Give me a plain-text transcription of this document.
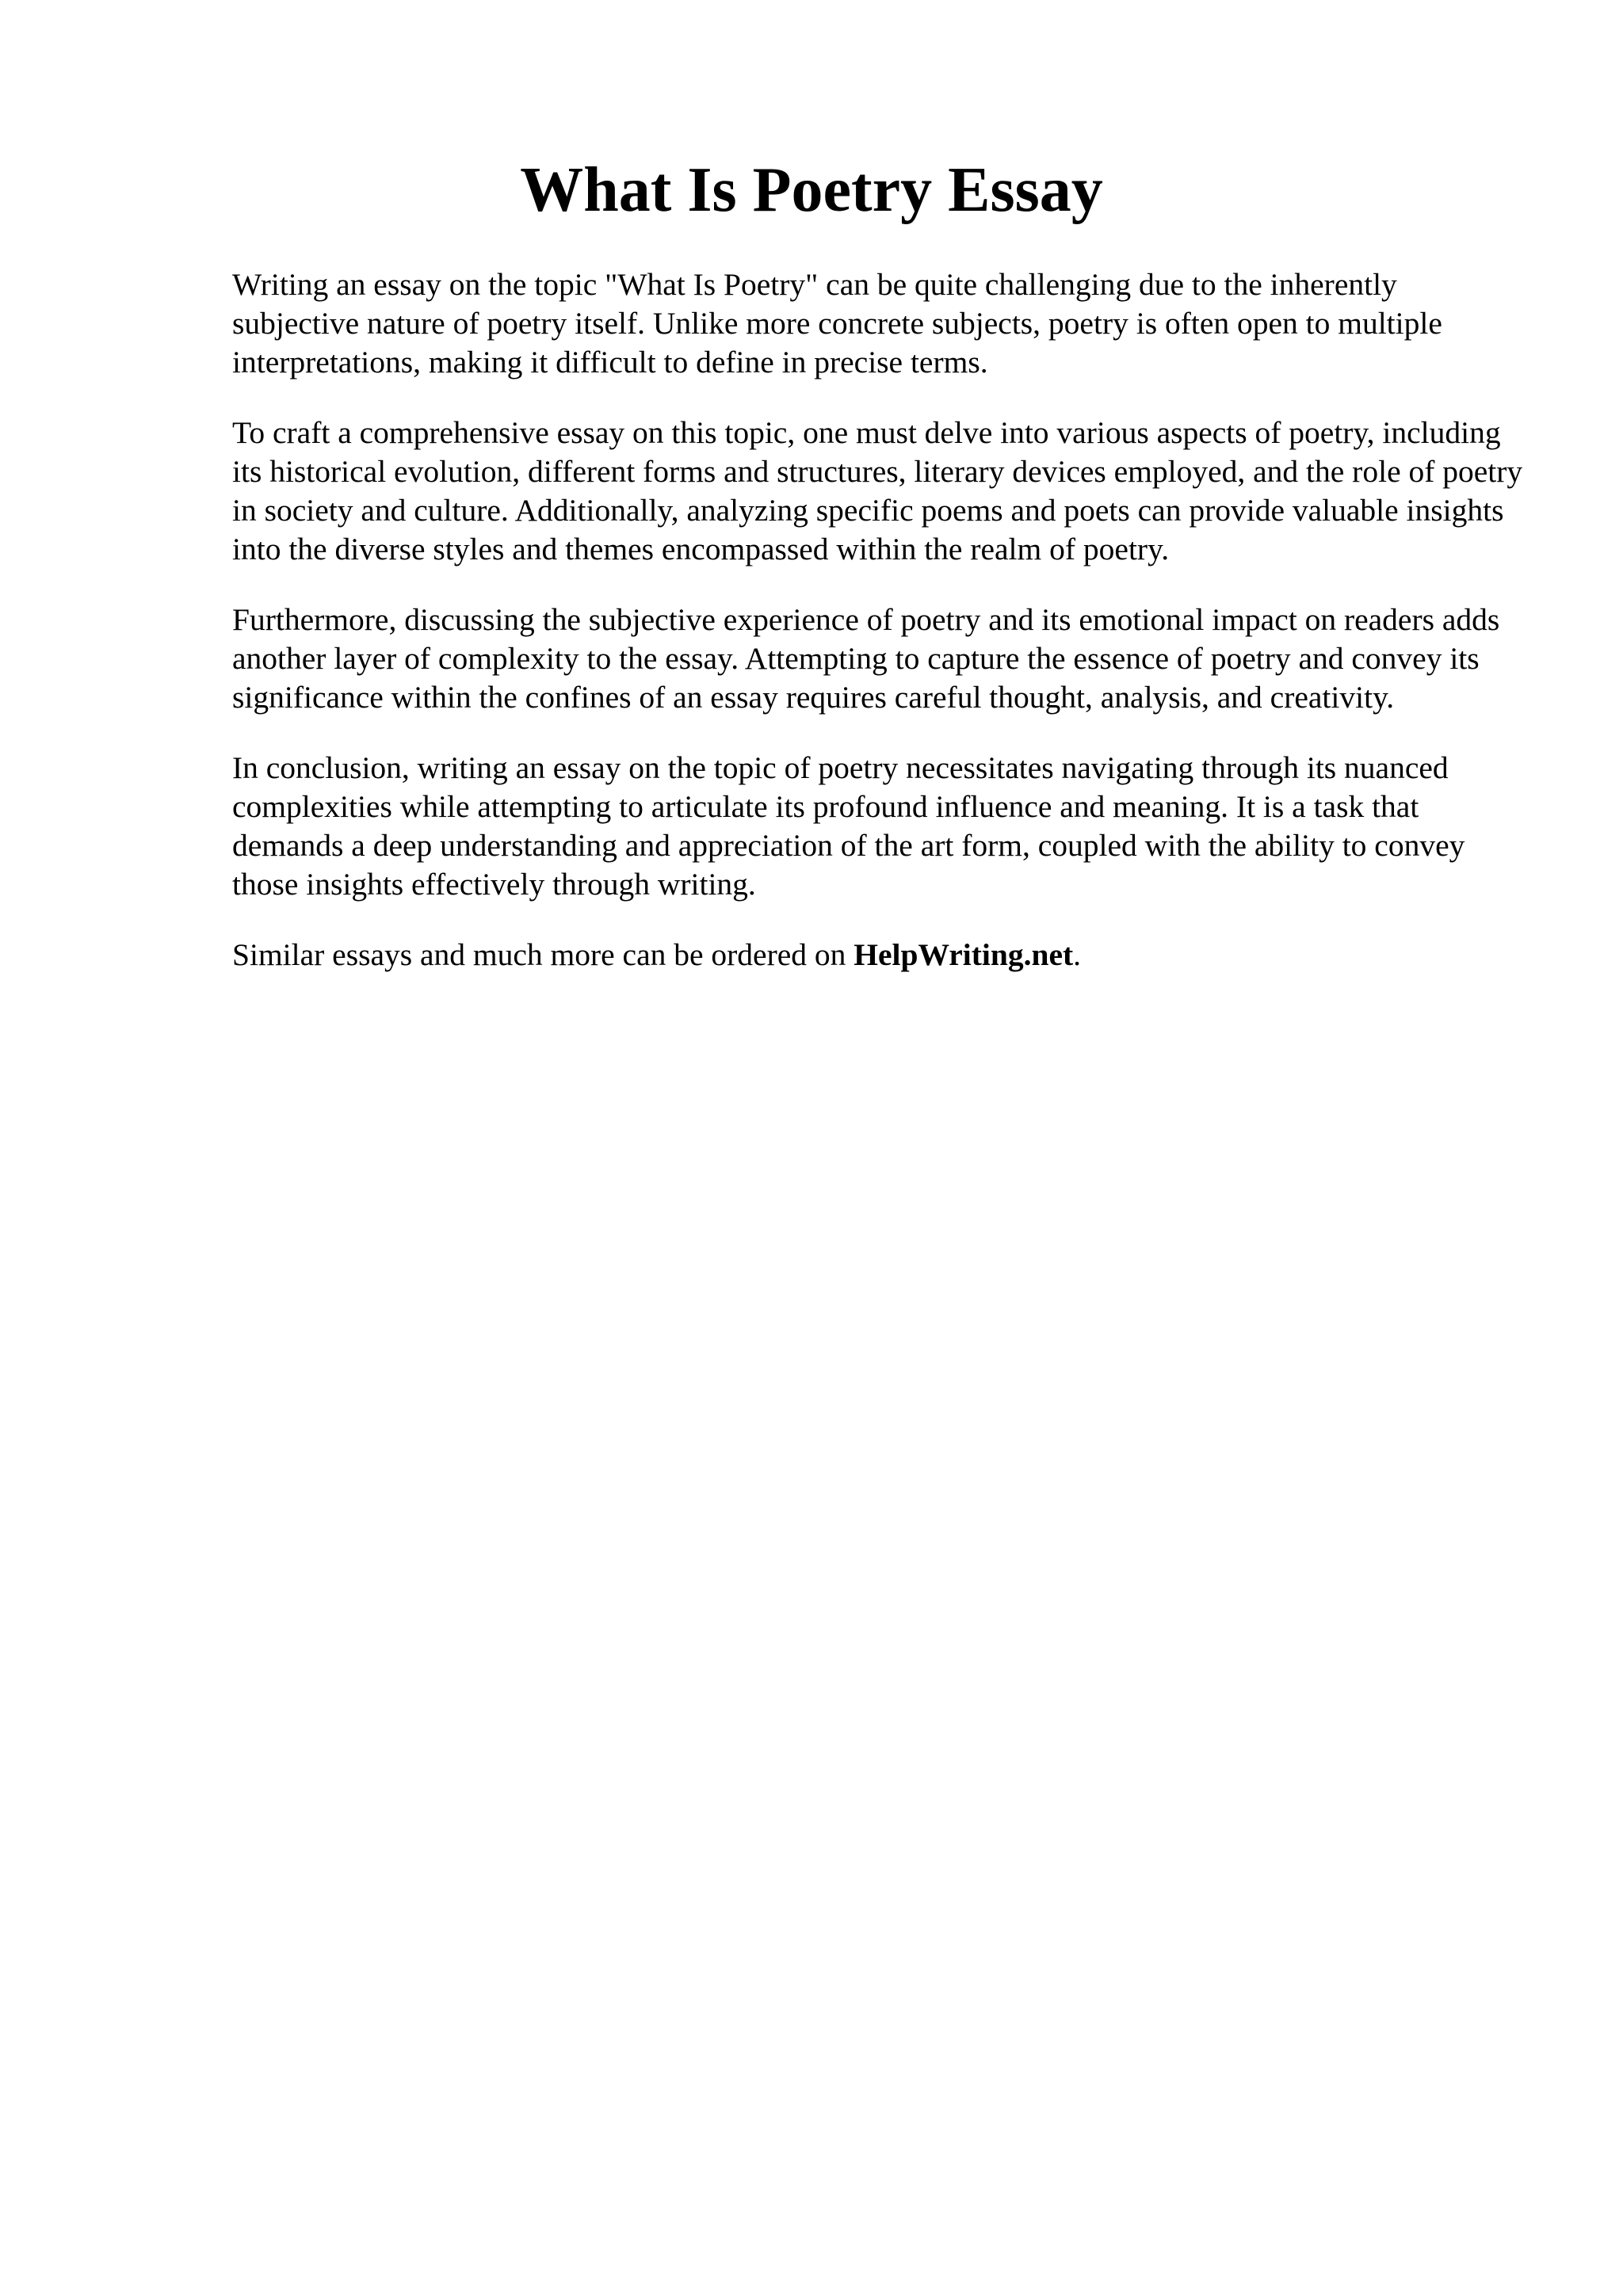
What Is Poetry Essay

Writing an essay on the topic "What Is Poetry" can be quite challenging due to the inherently subjective nature of poetry itself. Unlike more concrete subjects, poetry is often open to multiple interpretations, making it difficult to define in precise terms.

To craft a comprehensive essay on this topic, one must delve into various aspects of poetry, including its historical evolution, different forms and structures, literary devices employed, and the role of poetry in society and culture. Additionally, analyzing specific poems and poets can provide valuable insights into the diverse styles and themes encompassed within the realm of poetry.

Furthermore, discussing the subjective experience of poetry and its emotional impact on readers adds another layer of complexity to the essay. Attempting to capture the essence of poetry and convey its significance within the confines of an essay requires careful thought, analysis, and creativity.

In conclusion, writing an essay on the topic of poetry necessitates navigating through its nuanced complexities while attempting to articulate its profound influence and meaning. It is a task that demands a deep understanding and appreciation of the art form, coupled with the ability to convey those insights effectively through writing.

Similar essays and much more can be ordered on HelpWriting.net.
